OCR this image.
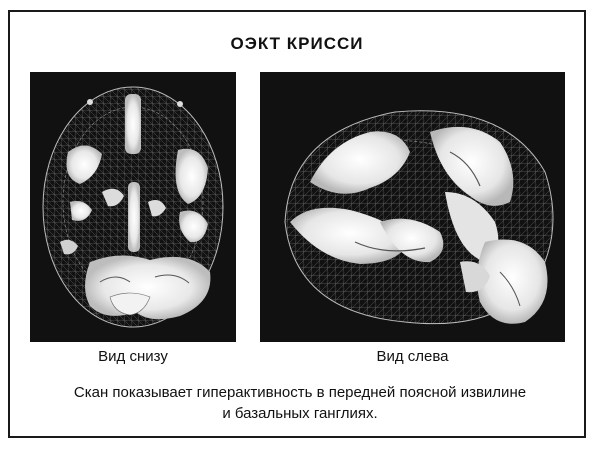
ОЭКТ КРИССИ
Вид снизу	Вид слева
Скан показывает гиперактивность в передней поясной извилине
и базальных ганглиях.
